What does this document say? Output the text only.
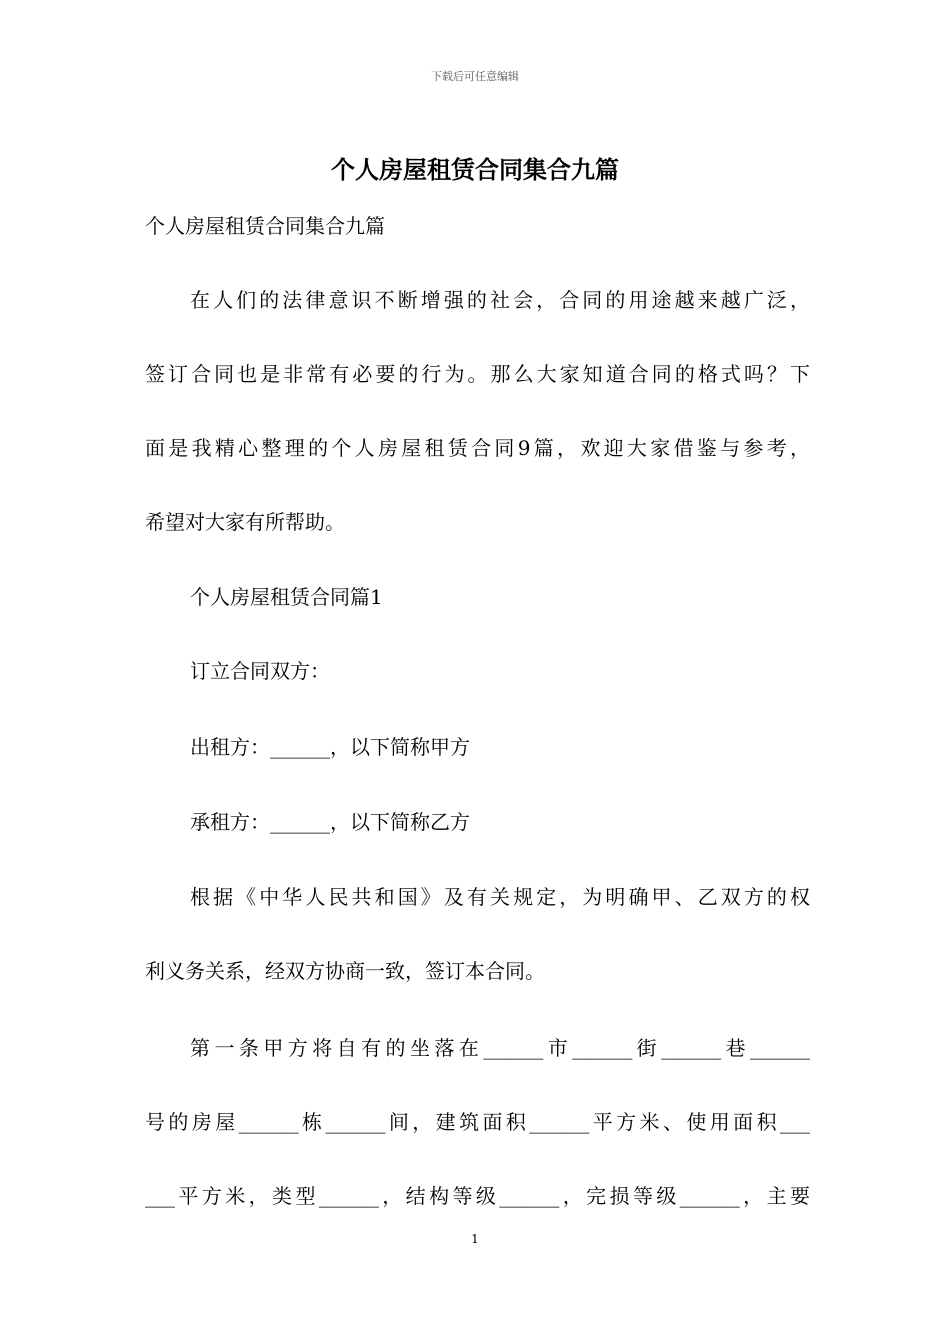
下载后可任意编辑
个人房屋租赁合同集合九篇
个人房屋租赁合同集合九篇
在人们的法律意识不断增强的社会，合同的用途越来越广泛，
签订合同也是非常有必要的行为。那么大家知道合同的格式吗？下
面是我精心整理的个人房屋租赁合同9篇，欢迎大家借鉴与参考，
希望对大家有所帮助。
个人房屋租赁合同篇1
订立合同双方：
出租方：______，以下简称甲方
承租方：______，以下简称乙方
根据《中华人民共和国》及有关规定，为明确甲、乙双方的权
利义务关系，经双方协商一致，签订本合同。
第一条甲方将自有的坐落在______市______街______巷______
号的房屋______栋______间，建筑面积______平方米、使用面积___
___平方米，类型______，结构等级______，完损等级______，主要
1
